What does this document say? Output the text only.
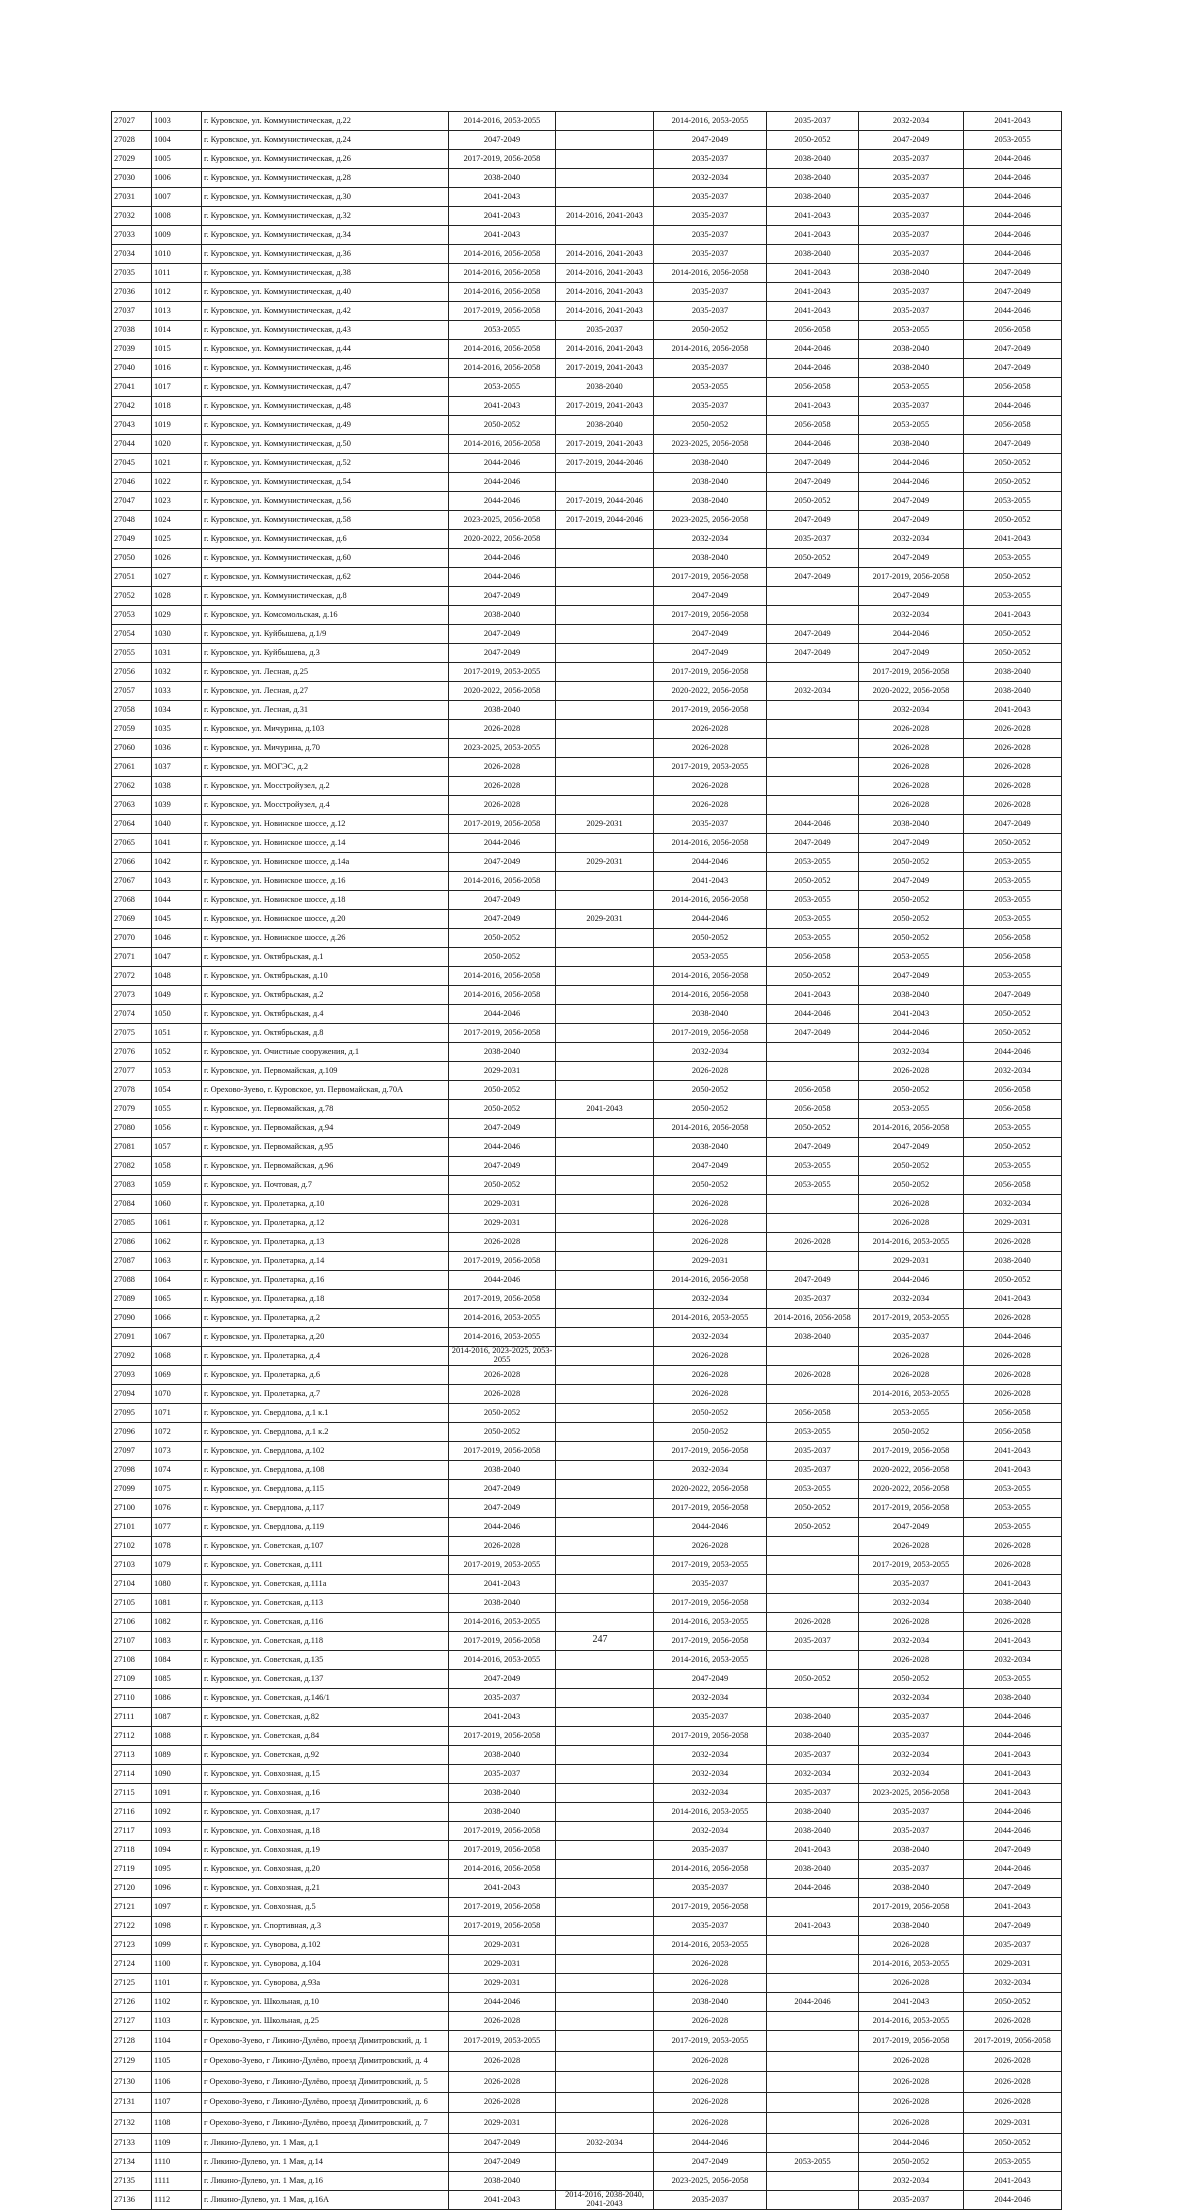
27027	1003	г. Куровское, ул. Коммунистическая, д.22	2014-2016, 2053-2055		2014-2016, 2053-2055	2035-2037	2032-2034	2041-2043
27028	1004	г. Куровское, ул. Коммунистическая, д.24	2047-2049		2047-2049	2050-2052	2047-2049	2053-2055
27029	1005	г. Куровское, ул. Коммунистическая, д.26	2017-2019, 2056-2058		2035-2037	2038-2040	2035-2037	2044-2046
27030	1006	г. Куровское, ул. Коммунистическая, д.28	2038-2040		2032-2034	2038-2040	2035-2037	2044-2046
27031	1007	г. Куровское, ул. Коммунистическая, д.30	2041-2043		2035-2037	2038-2040	2035-2037	2044-2046
27032	1008	г. Куровское, ул. Коммунистическая, д.32	2041-2043	2014-2016, 2041-2043	2035-2037	2041-2043	2035-2037	2044-2046
27033	1009	г. Куровское, ул. Коммунистическая, д.34	2041-2043		2035-2037	2041-2043	2035-2037	2044-2046
27034	1010	г. Куровское, ул. Коммунистическая, д.36	2014-2016, 2056-2058	2014-2016, 2041-2043	2035-2037	2038-2040	2035-2037	2044-2046
27035	1011	г. Куровское, ул. Коммунистическая, д.38	2014-2016, 2056-2058	2014-2016, 2041-2043	2014-2016, 2056-2058	2041-2043	2038-2040	2047-2049
27036	1012	г. Куровское, ул. Коммунистическая, д.40	2014-2016, 2056-2058	2014-2016, 2041-2043	2035-2037	2041-2043	2035-2037	2047-2049
27037	1013	г. Куровское, ул. Коммунистическая, д.42	2017-2019, 2056-2058	2014-2016, 2041-2043	2035-2037	2041-2043	2035-2037	2044-2046
27038	1014	г. Куровское, ул. Коммунистическая, д.43	2053-2055	2035-2037	2050-2052	2056-2058	2053-2055	2056-2058
27039	1015	г. Куровское, ул. Коммунистическая, д.44	2014-2016, 2056-2058	2014-2016, 2041-2043	2014-2016, 2056-2058	2044-2046	2038-2040	2047-2049
27040	1016	г. Куровское, ул. Коммунистическая, д.46	2014-2016, 2056-2058	2017-2019, 2041-2043	2035-2037	2044-2046	2038-2040	2047-2049
27041	1017	г. Куровское, ул. Коммунистическая, д.47	2053-2055	2038-2040	2053-2055	2056-2058	2053-2055	2056-2058
27042	1018	г. Куровское, ул. Коммунистическая, д.48	2041-2043	2017-2019, 2041-2043	2035-2037	2041-2043	2035-2037	2044-2046
27043	1019	г. Куровское, ул. Коммунистическая, д.49	2050-2052	2038-2040	2050-2052	2056-2058	2053-2055	2056-2058
27044	1020	г. Куровское, ул. Коммунистическая, д.50	2014-2016, 2056-2058	2017-2019, 2041-2043	2023-2025, 2056-2058	2044-2046	2038-2040	2047-2049
27045	1021	г. Куровское, ул. Коммунистическая, д.52	2044-2046	2017-2019, 2044-2046	2038-2040	2047-2049	2044-2046	2050-2052
27046	1022	г. Куровское, ул. Коммунистическая, д.54	2044-2046		2038-2040	2047-2049	2044-2046	2050-2052
27047	1023	г. Куровское, ул. Коммунистическая, д.56	2044-2046	2017-2019, 2044-2046	2038-2040	2050-2052	2047-2049	2053-2055
27048	1024	г. Куровское, ул. Коммунистическая, д.58	2023-2025, 2056-2058	2017-2019, 2044-2046	2023-2025, 2056-2058	2047-2049	2047-2049	2050-2052
27049	1025	г. Куровское, ул. Коммунистическая, д.6	2020-2022, 2056-2058		2032-2034	2035-2037	2032-2034	2041-2043
27050	1026	г. Куровское, ул. Коммунистическая, д.60	2044-2046		2038-2040	2050-2052	2047-2049	2053-2055
27051	1027	г. Куровское, ул. Коммунистическая, д.62	2044-2046		2017-2019, 2056-2058	2047-2049	2017-2019, 2056-2058	2050-2052
27052	1028	г. Куровское, ул. Коммунистическая, д.8	2047-2049		2047-2049		2047-2049	2053-2055
27053	1029	г. Куровское, ул. Комсомольская, д.16	2038-2040		2017-2019, 2056-2058		2032-2034	2041-2043
27054	1030	г. Куровское, ул. Куйбышева, д.1/9	2047-2049		2047-2049	2047-2049	2044-2046	2050-2052
27055	1031	г. Куровское, ул. Куйбышева, д.3	2047-2049		2047-2049	2047-2049	2047-2049	2050-2052
27056	1032	г. Куровское, ул. Лесная, д.25	2017-2019, 2053-2055		2017-2019, 2056-2058		2017-2019, 2056-2058	2038-2040
27057	1033	г. Куровское, ул. Лесная, д.27	2020-2022, 2056-2058		2020-2022, 2056-2058	2032-2034	2020-2022, 2056-2058	2038-2040
27058	1034	г. Куровское, ул. Лесная, д.31	2038-2040		2017-2019, 2056-2058		2032-2034	2041-2043
27059	1035	г. Куровское, ул. Мичурина, д.103	2026-2028		2026-2028		2026-2028	2026-2028
27060	1036	г. Куровское, ул. Мичурина, д.70	2023-2025, 2053-2055		2026-2028		2026-2028	2026-2028
27061	1037	г. Куровское, ул. МОГЭС, д.2	2026-2028		2017-2019, 2053-2055		2026-2028	2026-2028
27062	1038	г. Куровское, ул. Мосстройузел, д.2	2026-2028		2026-2028		2026-2028	2026-2028
27063	1039	г. Куровское, ул. Мосстройузел, д.4	2026-2028		2026-2028		2026-2028	2026-2028
27064	1040	г. Куровское, ул. Новинское шоссе, д.12	2017-2019, 2056-2058	2029-2031	2035-2037	2044-2046	2038-2040	2047-2049
27065	1041	г. Куровское, ул. Новинское шоссе, д.14	2044-2046		2014-2016, 2056-2058	2047-2049	2047-2049	2050-2052
27066	1042	г. Куровское, ул. Новинское шоссе, д.14а	2047-2049	2029-2031	2044-2046	2053-2055	2050-2052	2053-2055
27067	1043	г. Куровское, ул. Новинское шоссе, д.16	2014-2016, 2056-2058		2041-2043	2050-2052	2047-2049	2053-2055
27068	1044	г. Куровское, ул. Новинское шоссе, д.18	2047-2049		2014-2016, 2056-2058	2053-2055	2050-2052	2053-2055
27069	1045	г. Куровское, ул. Новинское шоссе, д.20	2047-2049	2029-2031	2044-2046	2053-2055	2050-2052	2053-2055
27070	1046	г. Куровское, ул. Новинское шоссе, д.26	2050-2052		2050-2052	2053-2055	2050-2052	2056-2058
27071	1047	г. Куровское, ул. Октябрьская, д.1	2050-2052		2053-2055	2056-2058	2053-2055	2056-2058
27072	1048	г. Куровское, ул. Октябрьская, д.10	2014-2016, 2056-2058		2014-2016, 2056-2058	2050-2052	2047-2049	2053-2055
27073	1049	г. Куровское, ул. Октябрьская, д.2	2014-2016, 2056-2058		2014-2016, 2056-2058	2041-2043	2038-2040	2047-2049
27074	1050	г. Куровское, ул. Октябрьская, д.4	2044-2046		2038-2040	2044-2046	2041-2043	2050-2052
27075	1051	г. Куровское, ул. Октябрьская, д.8	2017-2019, 2056-2058		2017-2019, 2056-2058	2047-2049	2044-2046	2050-2052
27076	1052	г. Куровское, ул. Очистные сооружения, д.1	2038-2040		2032-2034		2032-2034	2044-2046
27077	1053	г. Куровское, ул. Первомайская, д.109	2029-2031		2026-2028		2026-2028	2032-2034
27078	1054	г. Орехово-Зуево, г. Куровское, ул. Первомайская, д.70А	2050-2052		2050-2052	2056-2058	2050-2052	2056-2058
27079	1055	г. Куровское, ул. Первомайская, д.78	2050-2052	2041-2043	2050-2052	2056-2058	2053-2055	2056-2058
27080	1056	г. Куровское, ул. Первомайская, д.94	2047-2049		2014-2016, 2056-2058	2050-2052	2014-2016, 2056-2058	2053-2055
27081	1057	г. Куровское, ул. Первомайская, д.95	2044-2046		2038-2040	2047-2049	2047-2049	2050-2052
27082	1058	г. Куровское, ул. Первомайская, д.96	2047-2049		2047-2049	2053-2055	2050-2052	2053-2055
27083	1059	г. Куровское, ул. Почтовая, д.7	2050-2052		2050-2052	2053-2055	2050-2052	2056-2058
27084	1060	г. Куровское, ул. Пролетарка, д.10	2029-2031		2026-2028		2026-2028	2032-2034
27085	1061	г. Куровское, ул. Пролетарка, д.12	2029-2031		2026-2028		2026-2028	2029-2031
27086	1062	г. Куровское, ул. Пролетарка, д.13	2026-2028		2026-2028	2026-2028	2014-2016, 2053-2055	2026-2028
27087	1063	г. Куровское, ул. Пролетарка, д.14	2017-2019, 2056-2058		2029-2031		2029-2031	2038-2040
27088	1064	г. Куровское, ул. Пролетарка, д.16	2044-2046		2014-2016, 2056-2058	2047-2049	2044-2046	2050-2052
27089	1065	г. Куровское, ул. Пролетарка, д.18	2017-2019, 2056-2058		2032-2034	2035-2037	2032-2034	2041-2043
27090	1066	г. Куровское, ул. Пролетарка, д.2	2014-2016, 2053-2055		2014-2016, 2053-2055	2014-2016, 2056-2058	2017-2019, 2053-2055	2026-2028
27091	1067	г. Куровское, ул. Пролетарка, д.20	2014-2016, 2053-2055		2032-2034	2038-2040	2035-2037	2044-2046
27092	1068	г. Куровское, ул. Пролетарка, д.4	2014-2016, 2023-2025, 2053-2055		2026-2028		2026-2028	2026-2028
27093	1069	г. Куровское, ул. Пролетарка, д.6	2026-2028		2026-2028	2026-2028	2026-2028	2026-2028
27094	1070	г. Куровское, ул. Пролетарка, д.7	2026-2028		2026-2028		2014-2016, 2053-2055	2026-2028
27095	1071	г. Куровское, ул. Свердлова, д.1 к.1	2050-2052		2050-2052	2056-2058	2053-2055	2056-2058
27096	1072	г. Куровское, ул. Свердлова, д.1 к.2	2050-2052		2050-2052	2053-2055	2050-2052	2056-2058
27097	1073	г. Куровское, ул. Свердлова, д.102	2017-2019, 2056-2058		2017-2019, 2056-2058	2035-2037	2017-2019, 2056-2058	2041-2043
27098	1074	г. Куровское, ул. Свердлова, д.108	2038-2040		2032-2034	2035-2037	2020-2022, 2056-2058	2041-2043
27099	1075	г. Куровское, ул. Свердлова, д.115	2047-2049		2020-2022, 2056-2058	2053-2055	2020-2022, 2056-2058	2053-2055
27100	1076	г. Куровское, ул. Свердлова, д.117	2047-2049		2017-2019, 2056-2058	2050-2052	2017-2019, 2056-2058	2053-2055
27101	1077	г. Куровское, ул. Свердлова, д.119	2044-2046		2044-2046	2050-2052	2047-2049	2053-2055
27102	1078	г. Куровское, ул. Советская, д.107	2026-2028		2026-2028		2026-2028	2026-2028
27103	1079	г. Куровское, ул. Советская, д.111	2017-2019, 2053-2055		2017-2019, 2053-2055		2017-2019, 2053-2055	2026-2028
27104	1080	г. Куровское, ул. Советская, д.111а	2041-2043		2035-2037		2035-2037	2041-2043
27105	1081	г. Куровское, ул. Советская, д.113	2038-2040		2017-2019, 2056-2058		2032-2034	2038-2040
27106	1082	г. Куровское, ул. Советская, д.116	2014-2016, 2053-2055		2014-2016, 2053-2055	2026-2028	2026-2028	2026-2028
27107	1083	г. Куровское, ул. Советская, д.118	2017-2019, 2056-2058		2017-2019, 2056-2058	2035-2037	2032-2034	2041-2043
27108	1084	г. Куровское, ул. Советская, д.135	2014-2016, 2053-2055		2014-2016, 2053-2055		2026-2028	2032-2034
27109	1085	г. Куровское, ул. Советская, д.137	2047-2049		2047-2049	2050-2052	2050-2052	2053-2055
27110	1086	г. Куровское, ул. Советская, д.146/1	2035-2037		2032-2034		2032-2034	2038-2040
27111	1087	г. Куровское, ул. Советская, д.82	2041-2043		2035-2037	2038-2040	2035-2037	2044-2046
27112	1088	г. Куровское, ул. Советская, д.84	2017-2019, 2056-2058		2017-2019, 2056-2058	2038-2040	2035-2037	2044-2046
27113	1089	г. Куровское, ул. Советская, д.92	2038-2040		2032-2034	2035-2037	2032-2034	2041-2043
27114	1090	г. Куровское, ул. Совхозная, д.15	2035-2037		2032-2034	2032-2034	2032-2034	2041-2043
27115	1091	г. Куровское, ул. Совхозная, д.16	2038-2040		2032-2034	2035-2037	2023-2025, 2056-2058	2041-2043
27116	1092	г. Куровское, ул. Совхозная, д.17	2038-2040		2014-2016, 2053-2055	2038-2040	2035-2037	2044-2046
27117	1093	г. Куровское, ул. Совхозная, д.18	2017-2019, 2056-2058		2032-2034	2038-2040	2035-2037	2044-2046
27118	1094	г. Куровское, ул. Совхозная, д.19	2017-2019, 2056-2058		2035-2037	2041-2043	2038-2040	2047-2049
27119	1095	г. Куровское, ул. Совхозная, д.20	2014-2016, 2056-2058		2014-2016, 2056-2058	2038-2040	2035-2037	2044-2046
27120	1096	г. Куровское, ул. Совхозная, д.21	2041-2043		2035-2037	2044-2046	2038-2040	2047-2049
27121	1097	г. Куровское, ул. Совхозная, д.5	2017-2019, 2056-2058		2017-2019, 2056-2058		2017-2019, 2056-2058	2041-2043
27122	1098	г. Куровское, ул. Спортивная, д.3	2017-2019, 2056-2058		2035-2037	2041-2043	2038-2040	2047-2049
27123	1099	г. Куровское, ул. Суворова, д.102	2029-2031		2014-2016, 2053-2055		2026-2028	2035-2037
27124	1100	г. Куровское, ул. Суворова, д.104	2029-2031		2026-2028		2014-2016, 2053-2055	2029-2031
27125	1101	г. Куровское, ул. Суворова, д.93а	2029-2031		2026-2028		2026-2028	2032-2034
27126	1102	г. Куровское, ул. Школьная, д.10	2044-2046		2038-2040	2044-2046	2041-2043	2050-2052
27127	1103	г. Куровское, ул. Школьная, д.25	2026-2028		2026-2028		2014-2016, 2053-2055	2026-2028
27128	1104	г Орехово-Зуево, г Ликино-Дулёво, проезд Димитровский, д. 1	2017-2019, 2053-2055		2017-2019, 2053-2055		2017-2019, 2056-2058	2017-2019, 2056-2058
27129	1105	г Орехово-Зуево, г Ликино-Дулёво, проезд Димитровский, д. 4	2026-2028		2026-2028		2026-2028	2026-2028
27130	1106	г Орехово-Зуево, г Ликино-Дулёво, проезд Димитровский, д. 5	2026-2028		2026-2028		2026-2028	2026-2028
27131	1107	г Орехово-Зуево, г Ликино-Дулёво, проезд Димитровский, д. 6	2026-2028		2026-2028		2026-2028	2026-2028
27132	1108	г Орехово-Зуево, г Ликино-Дулёво, проезд Димитровский, д. 7	2029-2031		2026-2028		2026-2028	2029-2031
27133	1109	г. Ликино-Дулево, ул. 1 Мая, д.1	2047-2049	2032-2034	2044-2046		2044-2046	2050-2052
27134	1110	г. Ликино-Дулево, ул. 1 Мая, д.14	2047-2049		2047-2049	2053-2055	2050-2052	2053-2055
27135	1111	г. Ликино-Дулево, ул. 1 Мая, д.16	2038-2040		2023-2025, 2056-2058		2032-2034	2041-2043
27136	1112	г. Ликино-Дулево, ул. 1 Мая, д.16А	2041-2043	2014-2016, 2038-2040, 2041-2043	2035-2037		2035-2037	2044-2046
247
